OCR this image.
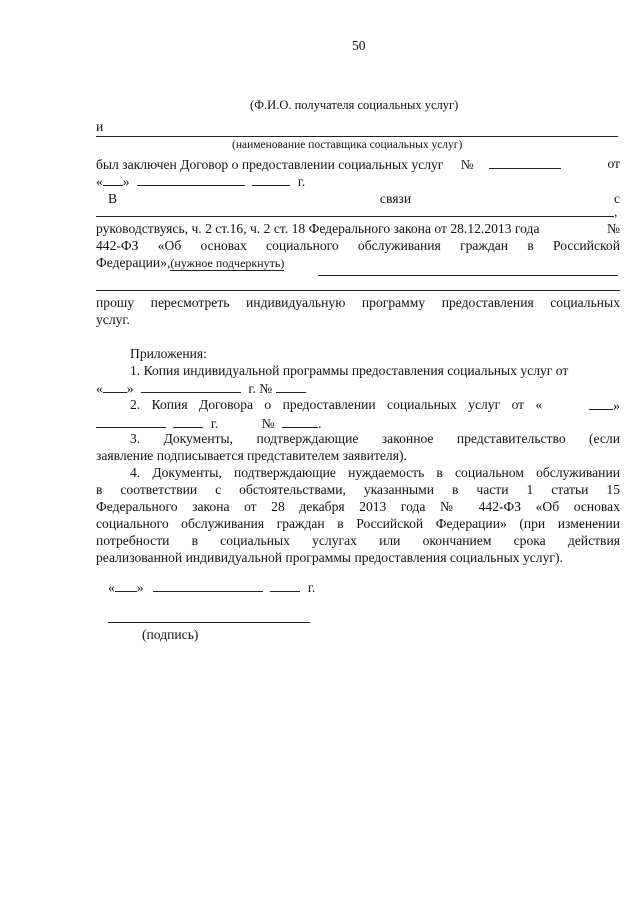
50
(Ф.И.О. получателя социальных услуг)
и
(наименование поставщика социальных услуг)
был заключен Договор о предоставлении социальных услуг №	от
« »	г.
В	связи	с
,
руководствуясь, ч. 2 ст.16, ч. 2 ст. 18 Федерального закона от 28.12.2013 года	№
442-ФЗ «Об основах социального обслуживания граждан в Российской
Федерации»,(нужное подчеркнуть)
прошу пересмотреть индивидуальную программу предоставления социальных
услуг.
Приложения:
1. Копия индивидуальной программы предоставления социальных услуг от
« »	г. №
2. Копия Договора о предоставлении социальных услуг от «	»
г.	№	.
3. Документы, подтверждающие законное представительство (если
заявление подписывается представителем заявителя).
4. Документы, подтверждающие нуждаемость в социальном обслуживании
в соответствии с обстоятельствами, указанными в части 1 статьи 15
Федерального закона от 28 декабря 2013 года № 442-ФЗ «Об основах
социального обслуживания граждан в Российской Федерации» (при изменении
потребности в социальных услугах или окончанием срока действия
реализованной индивидуальной программы предоставления социальных услуг).
« »	г.
(подпись)
